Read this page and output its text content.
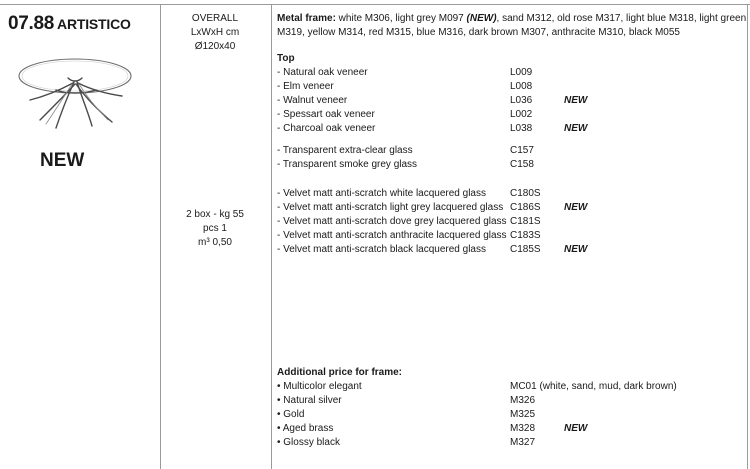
07.88 ARTISTICO
NEW
OVERALL
LxWxH cm
Ø120x40
2 box - kg 55
pcs 1
m³ 0,50
Metal frame: white M306, light grey M097 (NEW), sand M312, old rose M317, light blue M318, light green M319, yellow M314, red M315, blue M316, dark brown M307, anthracite M310, black M055
Top
- Natural oak veneer	L009
- Elm veneer	L008
- Walnut veneer	L036	NEW
- Spessart oak veneer	L002
- Charcoal oak veneer	L038	NEW
- Transparent extra-clear glass	C157
- Transparent smoke grey glass	C158
- Velvet matt anti-scratch white lacquered glass C180S
- Velvet matt anti-scratch light grey lacquered glass C186S NEW
- Velvet matt anti-scratch dove grey lacquered glass C181S
- Velvet matt anti-scratch anthracite lacquered glass C183S
- Velvet matt anti-scratch black lacquered glass C185S NEW
Additional price for frame:
• Multicolor elegant	MC01 (white, sand, mud, dark brown)
• Natural silver	M326
• Gold	M325
• Aged brass	M328	NEW
• Glossy black	M327
